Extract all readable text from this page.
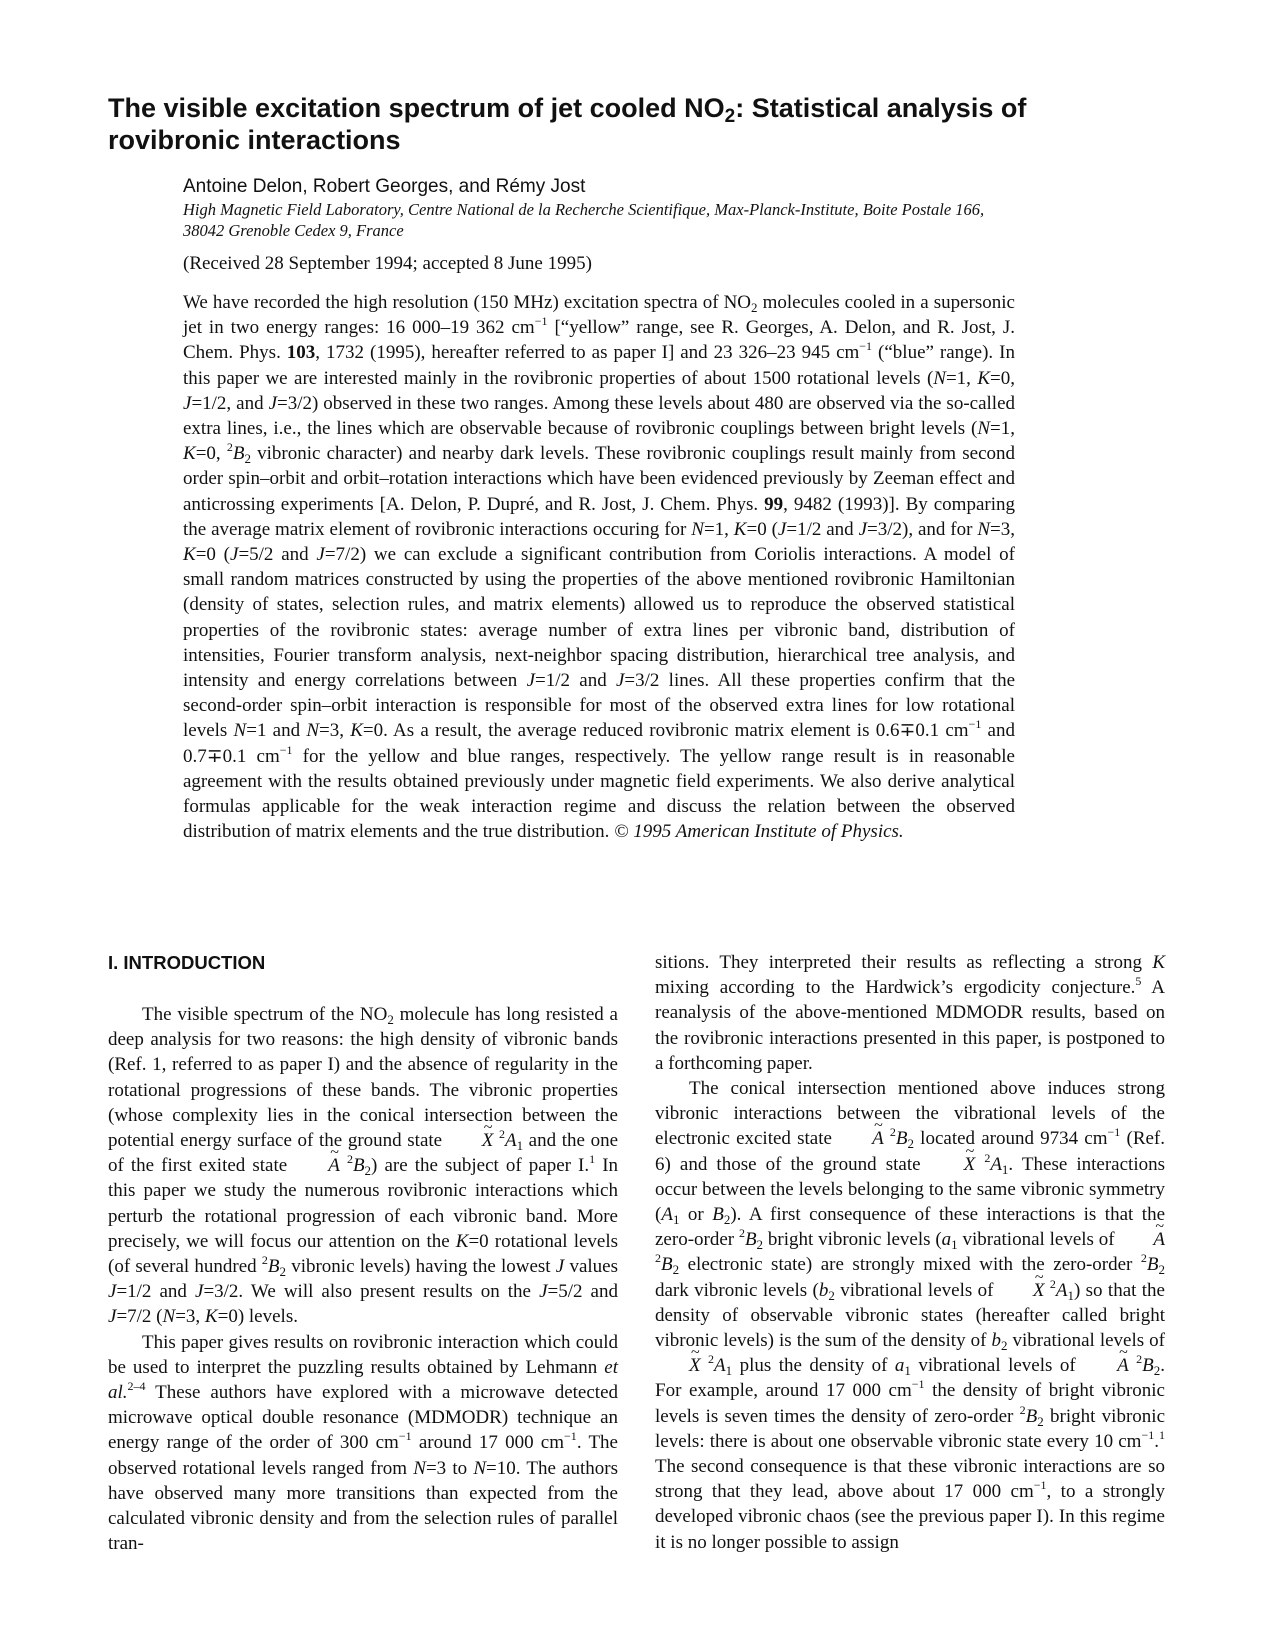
The visible excitation spectrum of jet cooled $NO_2$: Statistical analysis of rovibronic interactions

Antoine Delon, Robert Georges, and Rémy Jost

High Magnetic Field Laboratory, Centre National de la Recherche Scientifique, Max-Planck-Institute, Boite Postale 166, 38042 Grenoble Cedex 9, France

(Received 28 September 1994; accepted 8 June 1995)

We have recorded the high resolution (150 MHz) excitation spectra of $NO_2$ molecules cooled in a supersonic jet in two energy ranges: 16 000–19 362 $cm^{-1}$ [“yellow” range, see R. Georges, A. Delon, and R. Jost, J. Chem. Phys. 103, 1732 (1995), hereafter referred to as paper I] and 23 326–23 945 $cm^{-1}$ (“blue” range). In this paper we are interested mainly in the rovibronic properties of about 1500 rotational levels (N=1, K=0, J=1/2, and J=3/2) observed in these two ranges. Among these levels about 480 are observed via the so-called extra lines, i.e., the lines which are observable because of rovibronic couplings between bright levels (N=1, K=0, $^2B_2$ vibronic character) and nearby dark levels. These rovibronic couplings result mainly from second order spin–orbit and orbit–rotation interactions which have been evidenced previously by Zeeman effect and anticrossing experiments [A. Delon, P. Dupré, and R. Jost, J. Chem. Phys. 99, 9482 (1993)]. By comparing the average matrix element of rovibronic interactions occuring for N=1, K=0 (J=1/2 and J=3/2), and for N=3, K=0 (J=5/2 and J=7/2) we can exclude a significant contribution from Coriolis interactions. A model of small random matrices constructed by using the properties of the above mentioned rovibronic Hamiltonian (density of states, selection rules, and matrix elements) allowed us to reproduce the observed statistical properties of the rovibronic states: average number of extra lines per vibronic band, distribution of intensities, Fourier transform analysis, next-neighbor spacing distribution, hierarchical tree analysis, and intensity and energy correlations between J=1/2 and J=3/2 lines. All these properties confirm that the second-order spin–orbit interaction is responsible for most of the observed extra lines for low rotational levels N=1 and N=3, K=0. As a result, the average reduced rovibronic matrix element is 0.6∓0.1 $cm^{-1}$ and 0.7∓0.1 $cm^{-1}$ for the yellow and blue ranges, respectively. The yellow range result is in reasonable agreement with the results obtained previously under magnetic field experiments. We also derive analytical formulas applicable for the weak interaction regime and discuss the relation between the observed distribution of matrix elements and the true distribution. © 1995 American Institute of Physics.

I. INTRODUCTION

The visible spectrum of the $NO_2$ molecule has long resisted a deep analysis for two reasons: the high density of vibronic bands (Ref. 1, referred to as paper I) and the absence of regularity in the rotational progressions of these bands. The vibronic properties (whose complexity lies in the conical intersection between the potential energy surface of the ground state ~ X $^2A_1$ and the one of the first exited state ~ A $^2B_2$) are the subject of paper I.$^1$ In this paper we study the numerous rovibronic interactions which perturb the rotational progression of each vibronic band. More precisely, we will focus our attention on the K=0 rotational levels (of several hundred $^2B_2$ vibronic levels) having the lowest J values J=1/2 and J=3/2. We will also present results on the J=5/2 and J=7/2 (N=3, K=0) levels.

This paper gives results on rovibronic interaction which could be used to interpret the puzzling results obtained by Lehmann et al.$^{2-4}$ These authors have explored with a microwave detected microwave optical double resonance (MDMODR) technique an energy range of the order of 300 $cm^{-1}$ around 17 000 $cm^{-1}$. The observed rotational levels ranged from N=3 to N=10. The authors have observed many more transitions than expected from the calculated vibronic density and from the selection rules of parallel tran-

sitions. They interpreted their results as reflecting a strong K mixing according to the Hardwick’s ergodicity conjecture.$^5$ A reanalysis of the above-mentioned MDMODR results, based on the rovibronic interactions presented in this paper, is postponed to a forthcoming paper.

The conical intersection mentioned above induces strong vibronic interactions between the vibrational levels of the electronic excited state ~ A $^2B_2$ located around 9734 $cm^{-1}$ (Ref. 6) and those of the ground state ~ X $^2A_1$. These interactions occur between the levels belonging to the same vibronic symmetry ($A_1$ or $B_2$). A first consequence of these interactions is that the zero-order $^2B_2$ bright vibronic levels ($a_1$ vibrational levels of ~ A $^2B_2$ electronic state) are strongly mixed with the zero-order $^2B_2$ dark vibronic levels ($b_2$ vibrational levels of ~ X $^2A_1$) so that the density of observable vibronic states (hereafter called bright vibronic levels) is the sum of the density of $b_2$ vibrational levels of ~ X $^2A_1$ plus the density of $a_1$ vibrational levels of ~ A $^2B_2$. For example, around 17 000 $cm^{-1}$ the density of bright vibronic levels is seven times the density of zero-order $^2B_2$ bright vibronic levels: there is about one observable vibronic state every 10 $cm^{-1}.^1$ The second consequence is that these vibronic interactions are so strong that they lead, above about 17 000 $cm^{-1}$, to a strongly developed vibronic chaos (see the previous paper I). In this regime it is no longer possible to assign
